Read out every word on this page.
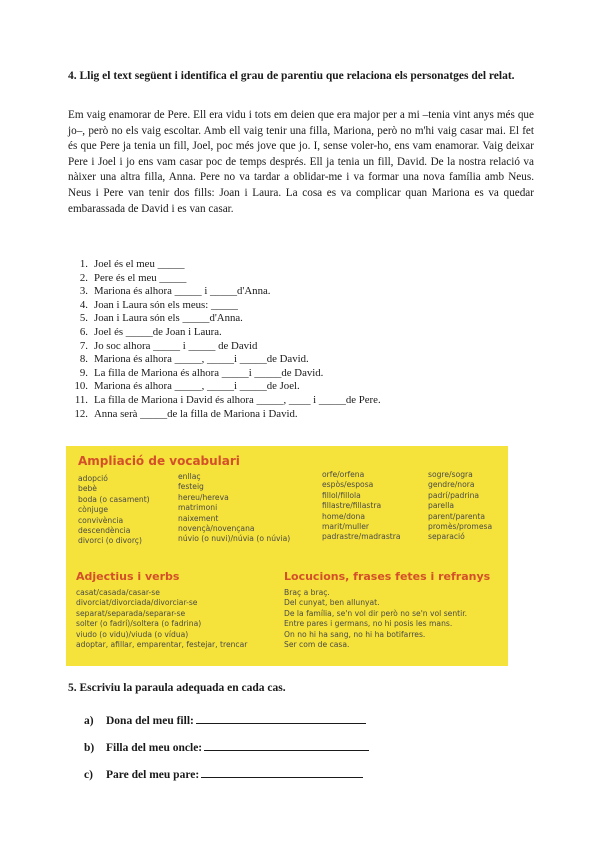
4. Llig el text següent i identifica el grau de parentiu que relaciona els personatges del relat.
Em vaig enamorar de Pere. Ell era vidu i tots em deien que era major per a mi –tenia vint anys més que jo–, però no els vaig escoltar. Amb ell vaig tenir una filla, Mariona, però no m'hi vaig casar mai. El fet és que Pere ja tenia un fill, Joel, poc més jove que jo. I, sense voler-ho, ens vam enamorar. Vaig deixar Pere i Joel i jo ens vam casar poc de temps després. Ell ja tenia un fill, David. De la nostra relació va nàixer una altra filla, Anna. Pere no va tardar a oblidar-me i va formar una nova família amb Neus. Neus i Pere van tenir dos fills: Joan i Laura. La cosa es va complicar quan Mariona es va quedar embarassada de David i es van casar.
1. Joel és el meu _____
2. Pere és el meu _____
3. Mariona és alhora _____ i _____d'Anna.
4. Joan i Laura són els meus: _____
5. Joan i Laura són els _____d'Anna.
6. Joel és _____de Joan i Laura.
7. Jo soc alhora _____ i _____ de David
8. Mariona és alhora _____, _____i _____de David.
9. La filla de Mariona és alhora _____i _____de David.
10. Mariona és alhora _____, _____i _____de Joel.
11. La filla de Mariona i David és alhora _____, ____ i _____de Pere.
12. Anna serà _____de la filla de Mariona i David.
Ampliació de vocabulari
adopció
bebè
boda (o casament)
cònjuge
convivència
descendència
divorci (o divorç)
enllaç
festeig
hereu/hereva
matrimoni
naixement
novençà/novençana
núvio (o nuvi)/núvia (o núvia)
orfe/orfena
espòs/esposa
fillol/fillola
fillastre/fillastra
home/dona
marit/muller
padrastre/madrastra
sogre/sogra
gendre/nora
padrí/padrina
parella
parent/parenta
promès/promesa
separació
Adjectius i verbs
casat/casada/casar-se
divorciat/divorciada/divorciar-se
separat/separada/separar-se
solter (o fadrí)/soltera (o fadrina)
viudo (o vidu)/viuda (o vídua)
adoptar, afillar, emparentar, festejar, trencar
Locucions, frases fetes i refranys
Braç a braç.
Del cunyat, ben allunyat.
De la família, se'n vol dir però no se'n vol sentir.
Entre pares i germans, no hi posis les mans.
On no hi ha sang, no hi ha botifarres.
Ser com de casa.
5. Escriviu la paraula adequada en cada cas.
a) Dona del meu fill:
b) Filla del meu oncle:
c) Pare del meu pare:
